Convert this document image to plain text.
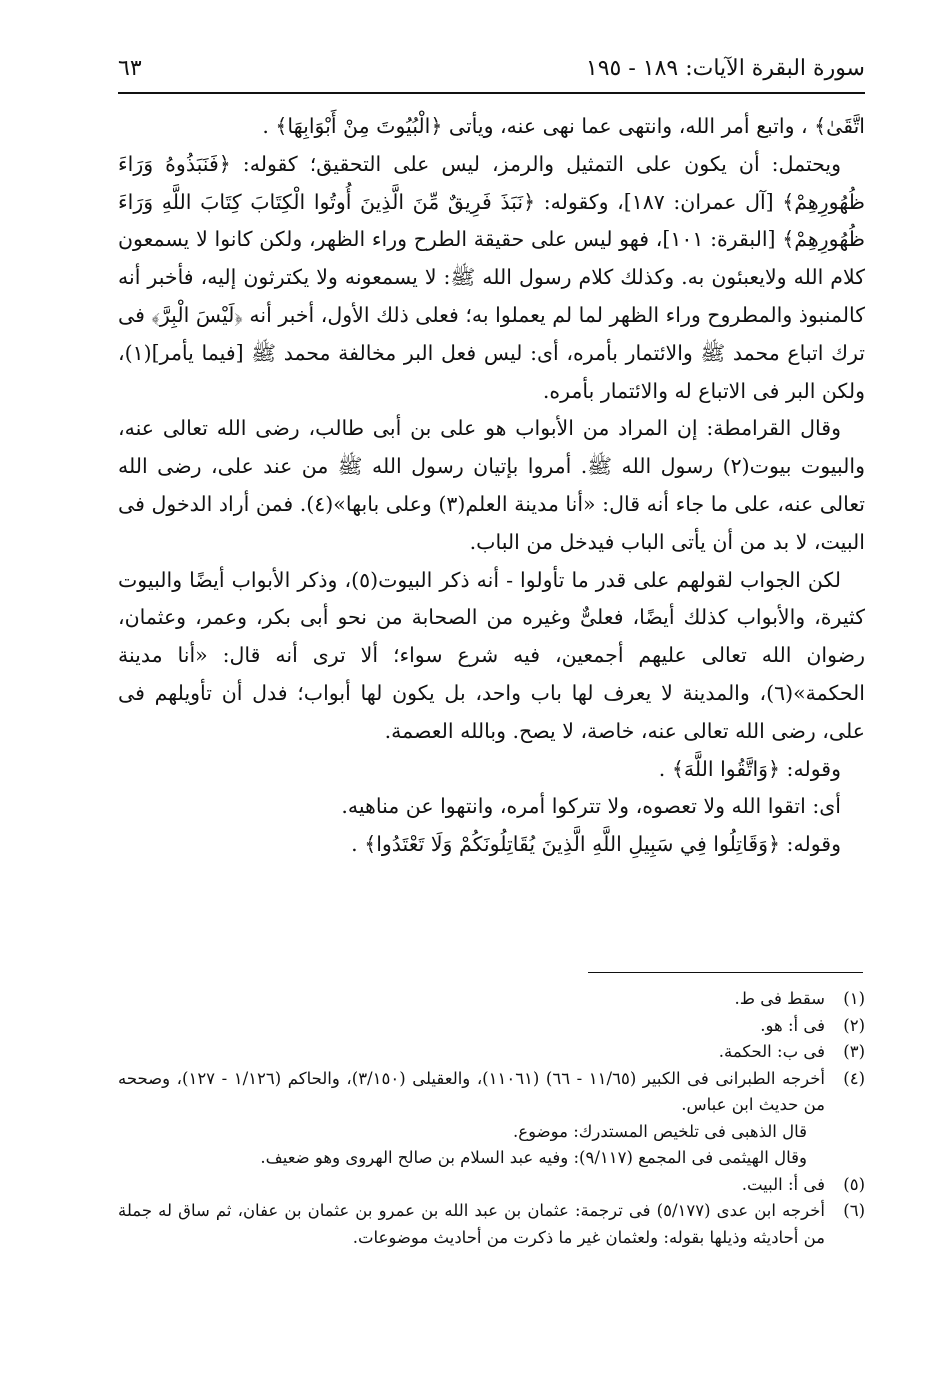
سورة البقرة الآيات: ١٨٩ - ١٩٥
٦٣

اتَّقَىٰ﴾ ، واتبع أمر الله، وانتهى عما نهى عنه، ويأتى ﴿الْبُيُوتَ مِنْ أَبْوَابِهَا﴾ .

ويحتمل: أن يكون على التمثيل والرمز، ليس على التحقيق؛ كقوله: ﴿فَنَبَذُوهُ وَرَاءَ ظُهُورِهِمْ﴾ [آل عمران: ١٨٧]، وكقوله: ﴿نَبَذَ فَرِيقٌ مِّنَ الَّذِينَ أُوتُوا الْكِتَابَ كِتَابَ اللَّهِ وَرَاءَ ظُهُورِهِمْ﴾ [البقرة: ١٠١]، فهو ليس على حقيقة الطرح وراء الظهر، ولكن كانوا لا يسمعون كلام الله ولايعبئون به. وكذلك كلام رسول الله ﷺ: لا يسمعونه ولا يكترثون إليه، فأخبر أنه كالمنبوذ والمطروح وراء الظهر لما لم يعملوا به؛ فعلى ذلك الأول، أخبر أنه ﴿لَيْسَ الْبِرَّ﴾ فى ترك اتباع محمد ﷺ والائتمار بأمره، أى: ليس فعل البر مخالفة محمد ﷺ [فيما يأمر](١)، ولكن البر فى الاتباع له والائتمار بأمره.

وقال القرامطة: إن المراد من الأبواب هو على بن أبى طالب، رضى الله تعالى عنه، والبيوت بيوت(٢) رسول الله ﷺ. أمروا بإتيان رسول الله ﷺ من عند على، رضى الله تعالى عنه، على ما جاء أنه قال: «أنا مدينة العلم(٣) وعلى بابها»(٤). فمن أراد الدخول فى البيت، لا بد من أن يأتى الباب فيدخل من الباب.

لكن الجواب لقولهم على قدر ما تأولوا - أنه ذكر البيوت(٥)، وذكر الأبواب أيضًا والبيوت كثيرة، والأبواب كذلك أيضًا، فعلىٌّ وغيره من الصحابة من نحو أبى بكر، وعمر، وعثمان، رضوان الله تعالى عليهم أجمعين، فيه شرع سواء؛ ألا ترى أنه قال: «أنا مدينة الحكمة»(٦)، والمدينة لا يعرف لها باب واحد، بل يكون لها أبواب؛ فدل أن تأويلهم فى على، رضى الله تعالى عنه، خاصة، لا يصح. وبالله العصمة.

وقوله: ﴿وَاتَّقُوا اللَّهَ﴾ .

أى: اتقوا الله ولا تعصوه، ولا تتركوا أمره، وانتهوا عن مناهيه.

وقوله: ﴿وَقَاتِلُوا فِي سَبِيلِ اللَّهِ الَّذِينَ يُقَاتِلُونَكُمْ وَلَا تَعْتَدُوا﴾ .

(١)
سقط فى ط.
(٢)
فى أ: هو.
(٣)
فى ب: الحكمة.
(٤)
أخرجه الطبرانى فى الكبير (١١/٦٥ - ٦٦) (١١٠٦١)، والعقيلى (٣/١٥٠)، والحاكم (١/١٢٦ - ١٢٧)، وصححه من حديث ابن عباس.
قال الذهبى فى تلخيص المستدرك: موضوع.
وقال الهيثمى فى المجمع (٩/١١٧): وفيه عبد السلام بن صالح الهروى وهو ضعيف.
(٥)
فى أ: البيت.
(٦)
أخرجه ابن عدى (٥/١٧٧) فى ترجمة: عثمان بن عبد الله بن عمرو بن عثمان بن عفان، ثم ساق له جملة من أحاديثه وذيلها بقوله: ولعثمان غير ما ذكرت من أحاديث موضوعات.
